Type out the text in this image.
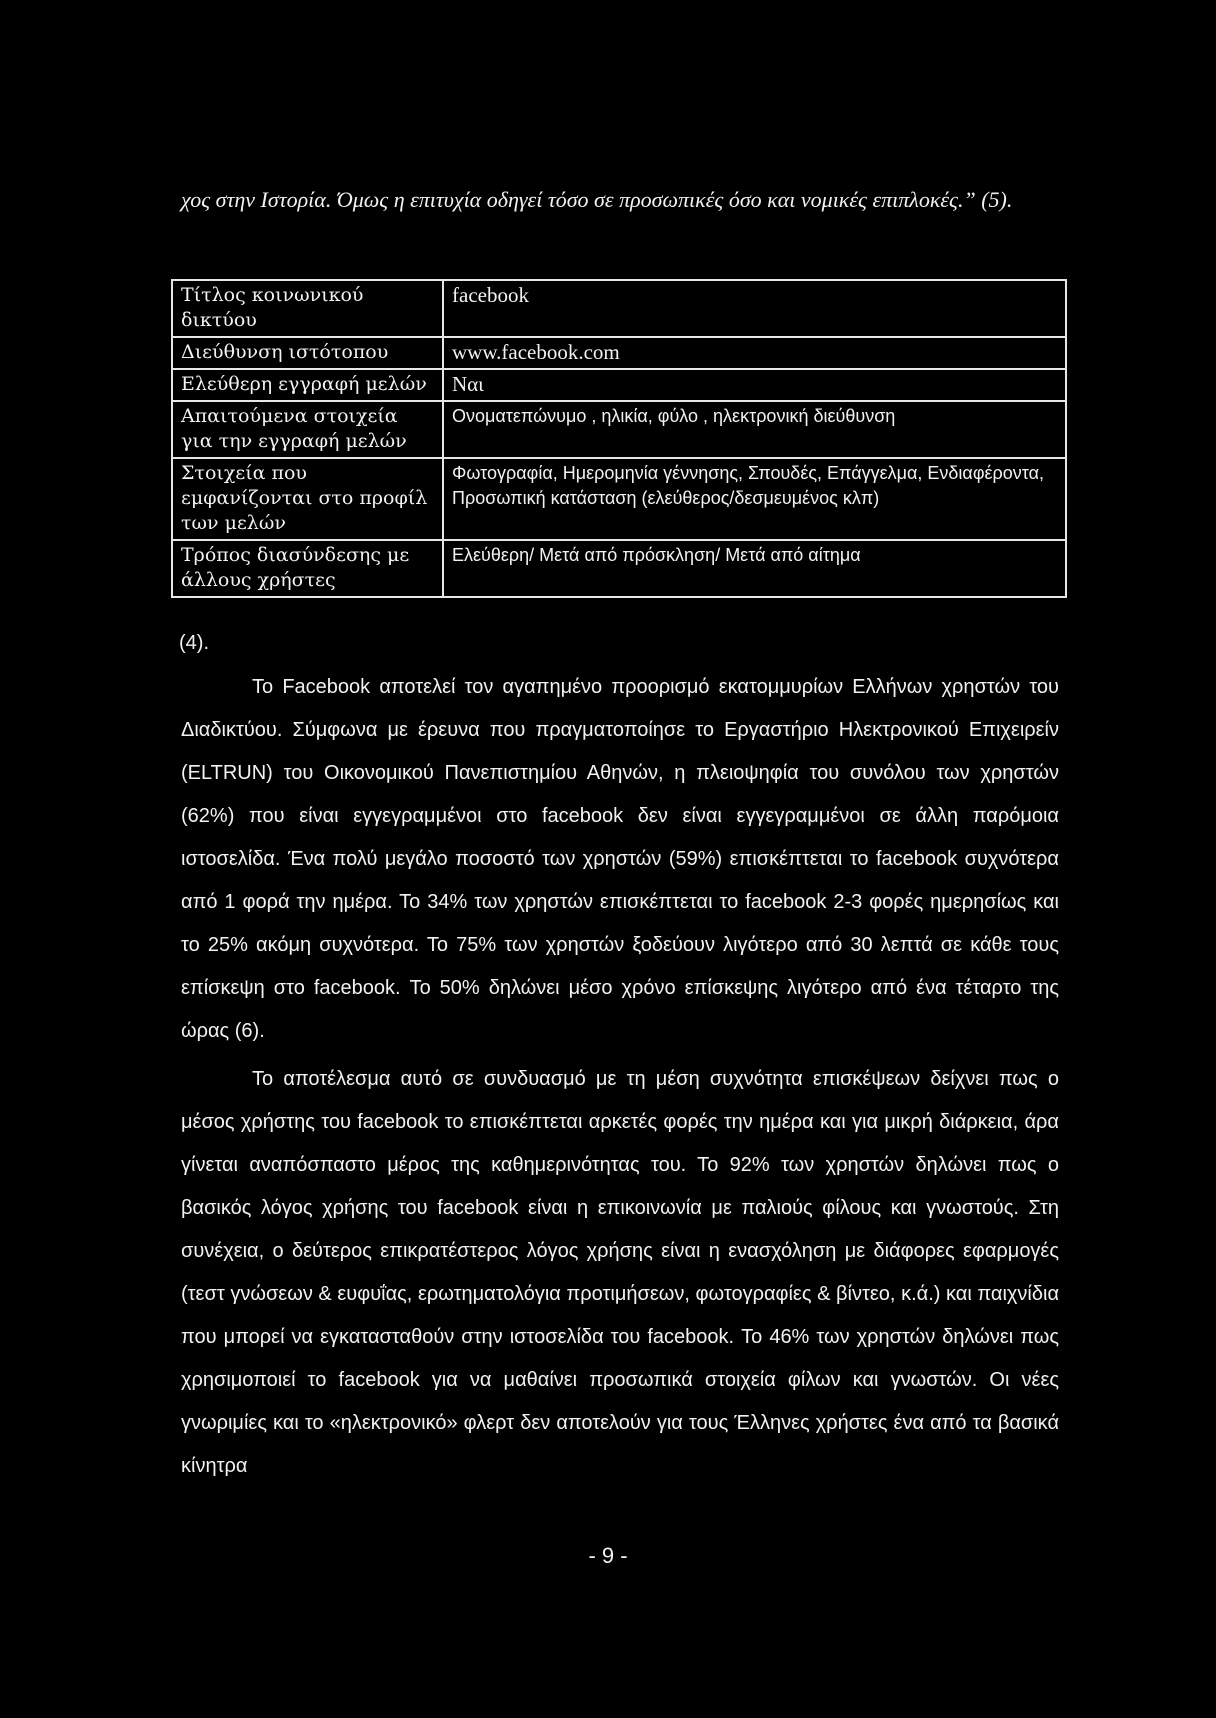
χος στην Ιστορία. Όμως η επιτυχία οδηγεί τόσο σε προσωπικές όσο και νομικές επιπλοκές.” (5).

Τίτλος κοινωνικού δικτύου	facebook
Διεύθυνση ιστότοπου	www.facebook.com
Ελεύθερη εγγραφή μελών	Ναι
Απαιτούμενα στοιχεία για την εγγραφή μελών	Ονοματεπώνυμο , ηλικία, φύλο , ηλεκτρονική διεύθυνση
Στοιχεία που εμφανίζονται στο προφίλ των μελών	Φωτογραφία, Ημερομηνία γέννησης, Σπουδές, Επάγγελμα, Ενδιαφέροντα, Προσωπική κατάσταση (ελεύθερος/δεσμευμένος κλπ)
Τρόπος διασύνδεσης με άλλους χρήστες	Ελεύθερη/ Μετά από πρόσκληση/ Μετά από αίτημα

(4).

Το Facebook αποτελεί τον αγαπημένο προορισμό εκατομμυρίων Ελλήνων χρηστών του Διαδικτύου. Σύμφωνα με έρευνα που πραγματοποίησε το Εργαστήριο Ηλεκτρονικού Επιχειρείν (ELTRUN) του Οικονομικού Πανεπιστημίου Αθηνών, η πλειοψηφία του συνόλου των χρηστών (62%) που είναι εγγεγραμμένοι στο facebook δεν είναι εγγεγραμμένοι σε άλλη παρόμοια ιστοσελίδα. Ένα πολύ μεγάλο ποσοστό των χρηστών (59%) επισκέπτεται το facebook συχνότερα από 1 φορά την ημέρα. Το 34% των χρηστών επισκέπτεται το facebook 2-3 φορές ημερησίως και το 25% ακόμη συχνότερα. Το 75% των χρηστών ξοδεύουν λιγότερο από 30 λεπτά σε κάθε τους επίσκεψη στο facebook. Το 50% δηλώνει μέσο χρόνο επίσκεψης λιγότερο από ένα τέταρτο της ώρας (6).

Το αποτέλεσμα αυτό σε συνδυασμό με τη μέση συχνότητα επισκέψεων δείχνει πως ο μέσος χρήστης του facebook το επισκέπτεται αρκετές φορές την ημέρα και για μικρή διάρκεια, άρα γίνεται αναπόσπαστο μέρος της καθημερινότητας του. Το 92% των χρηστών δηλώνει πως ο βασικός λόγος χρήσης του facebook είναι η επικοινωνία με παλιούς φίλους και γνωστούς. Στη συνέχεια, ο δεύτερος επικρατέστερος λόγος χρήσης είναι η ενασχόληση με διάφορες εφαρμογές (τεστ γνώσεων & ευφυΐας, ερωτηματολόγια προτιμήσεων, φωτογραφίες & βίντεο, κ.ά.) και παιχνίδια που μπορεί να εγκατασταθούν στην ιστοσελίδα του facebook. Το 46% των χρηστών δηλώνει πως χρησιμοποιεί το facebook για να μαθαίνει προσωπικά στοιχεία φίλων και γνωστών. Οι νέες γνωριμίες και το «ηλεκτρονικό» φλερτ δεν αποτελούν για τους Έλληνες χρήστες ένα από τα βασικά κίνητρα

- 9 -
